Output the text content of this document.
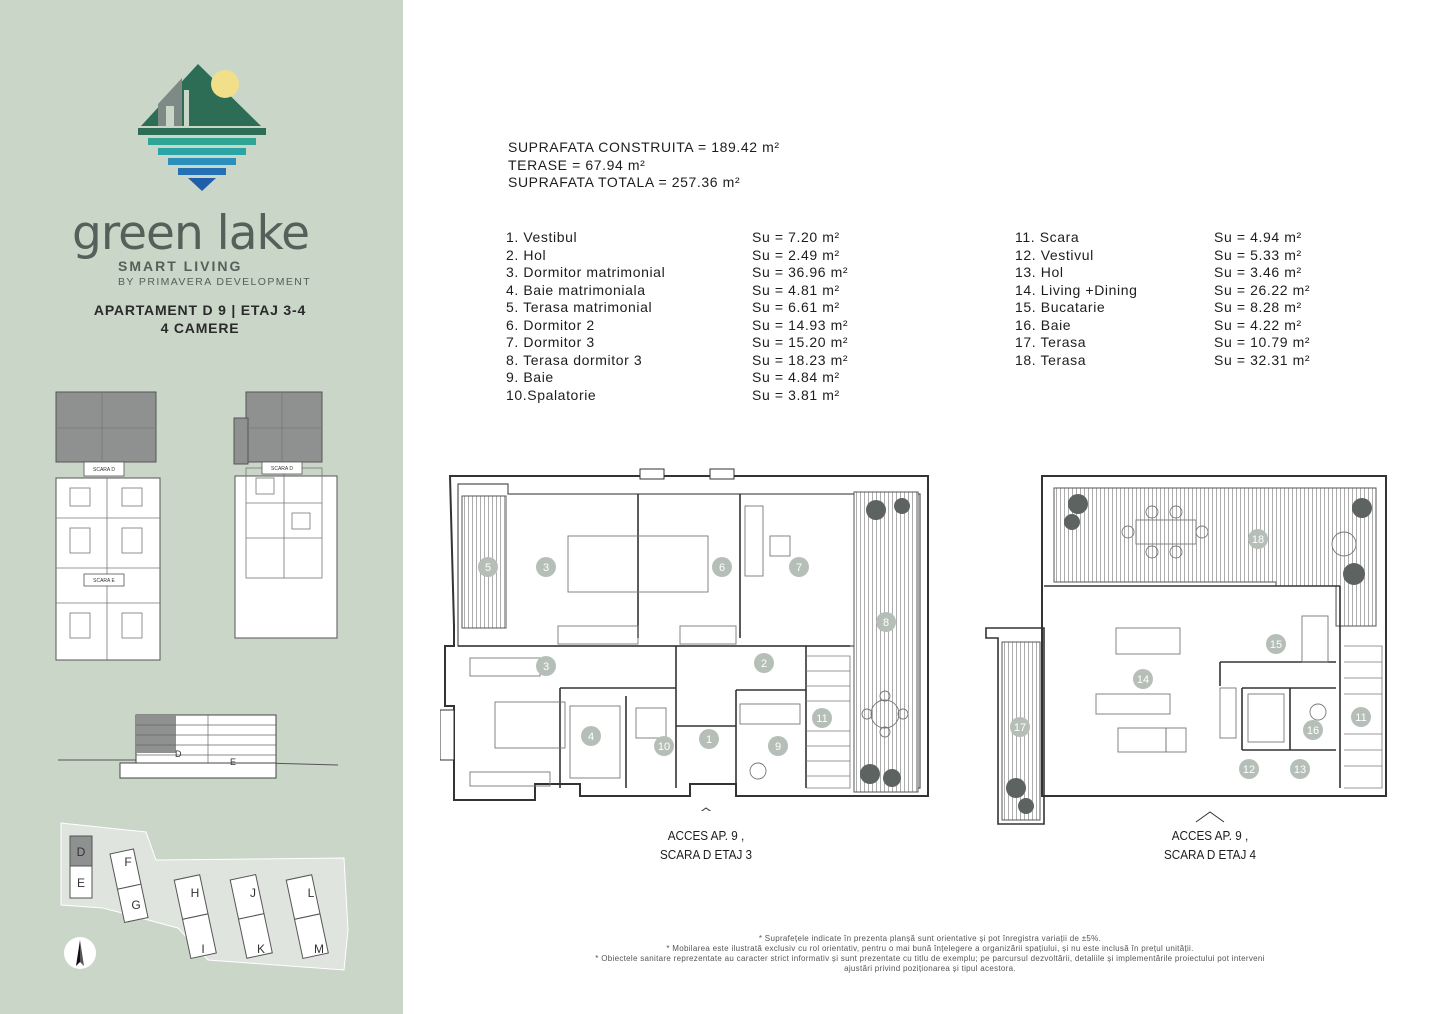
green lake
SMART LIVING
BY PRIMAVERA DEVELOPMENT
APARTAMENT D 9 | ETAJ 3-4
4 CAMERE
SCARA D
SCARA E
SCARA D
D
E
D
E
F
G
H
I
J
K
L
M
SUPRAFATA CONSTRUITA = 189.42 m²
TERASE = 67.94 m²
SUPRAFATA TOTALA = 257.36 m²
1. Vestibul	Su = 7.20 m²
2. Hol	Su = 2.49 m²
3. Dormitor matrimonial	Su = 36.96 m²
4. Baie matrimoniala	Su = 4.81 m²
5. Terasa matrimonial	Su = 6.61 m²
6. Dormitor 2	Su = 14.93 m²
7. Dormitor 3	Su = 15.20 m²
8. Terasa dormitor 3	Su = 18.23 m²
9. Baie	Su = 4.84 m²
10.Spalatorie	Su = 3.81 m²
11. Scara	Su = 4.94 m²
12. Vestivul	Su = 5.33 m²
13. Hol	Su = 3.46 m²
14. Living +Dining	Su = 26.22 m²
15. Bucatarie	Su = 8.28 m²
16. Baie	Su = 4.22 m²
17. Terasa	Su = 10.79 m²
18. Terasa	Su = 32.31 m²
5	3	6	7
8
3	2
4
10
1
9
11
ACCES AP. 9 ,
SCARA D ETAJ 3
18
15
14
17	16
11
12	13
ACCES AP. 9 ,
SCARA D ETAJ 4
* Suprafețele indicate în prezenta planșă sunt orientative și pot înregistra variații de ±5%.
* Mobilarea este ilustrată exclusiv cu rol orientativ, pentru o mai bună înțelegere a organizării spațiului, și nu este inclusă în prețul unității.
* Obiectele sanitare reprezentate au caracter strict informativ și sunt prezentate cu titlu de exemplu; pe parcursul dezvoltării, detaliile și implementările proiectului pot interveni
ajustări privind poziționarea și tipul acestora.
